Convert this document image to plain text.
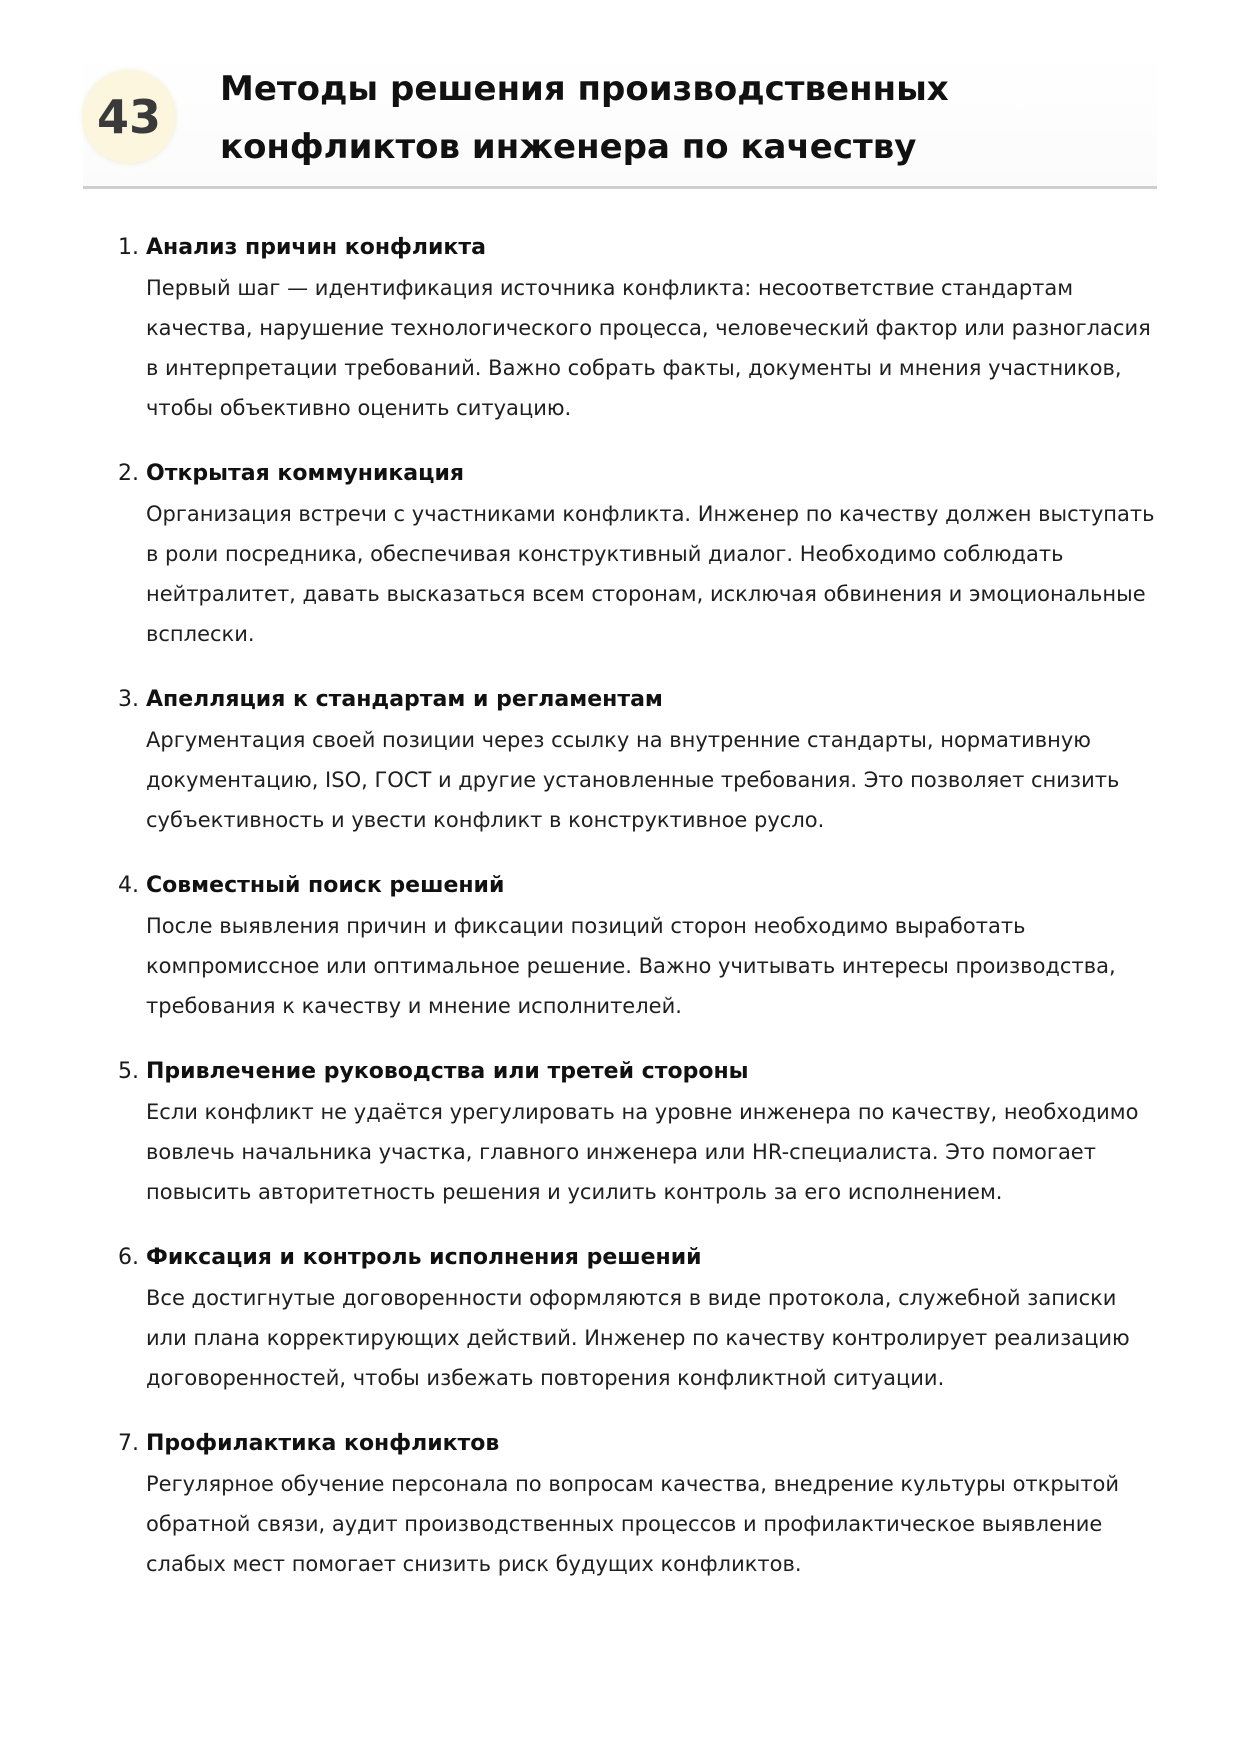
43
Методы решения производственных конфликтов инженера по качеству
1. Анализ причин конфликта
Первый шаг — идентификация источника конфликта: несоответствие стандартам качества, нарушение технологического процесса, человеческий фактор или разногласия в интерпретации требований. Важно собрать факты, документы и мнения участников, чтобы объективно оценить ситуацию.
2. Открытая коммуникация
Организация встречи с участниками конфликта. Инженер по качеству должен выступать в роли посредника, обеспечивая конструктивный диалог. Необходимо соблюдать нейтралитет, давать высказаться всем сторонам, исключая обвинения и эмоциональные всплески.
3. Апелляция к стандартам и регламентам
Аргументация своей позиции через ссылку на внутренние стандарты, нормативную документацию, ISO, ГОСТ и другие установленные требования. Это позволяет снизить субъективность и увести конфликт в конструктивное русло.
4. Совместный поиск решений
После выявления причин и фиксации позиций сторон необходимо выработать компромиссное или оптимальное решение. Важно учитывать интересы производства, требования к качеству и мнение исполнителей.
5. Привлечение руководства или третей стороны
Если конфликт не удаётся урегулировать на уровне инженера по качеству, необходимо вовлечь начальника участка, главного инженера или HR-специалиста. Это помогает повысить авторитетность решения и усилить контроль за его исполнением.
6. Фиксация и контроль исполнения решений
Все достигнутые договоренности оформляются в виде протокола, служебной записки или плана корректирующих действий. Инженер по качеству контролирует реализацию договоренностей, чтобы избежать повторения конфликтной ситуации.
7. Профилактика конфликтов
Регулярное обучение персонала по вопросам качества, внедрение культуры открытой обратной связи, аудит производственных процессов и профилактическое выявление слабых мест помогает снизить риск будущих конфликтов.
